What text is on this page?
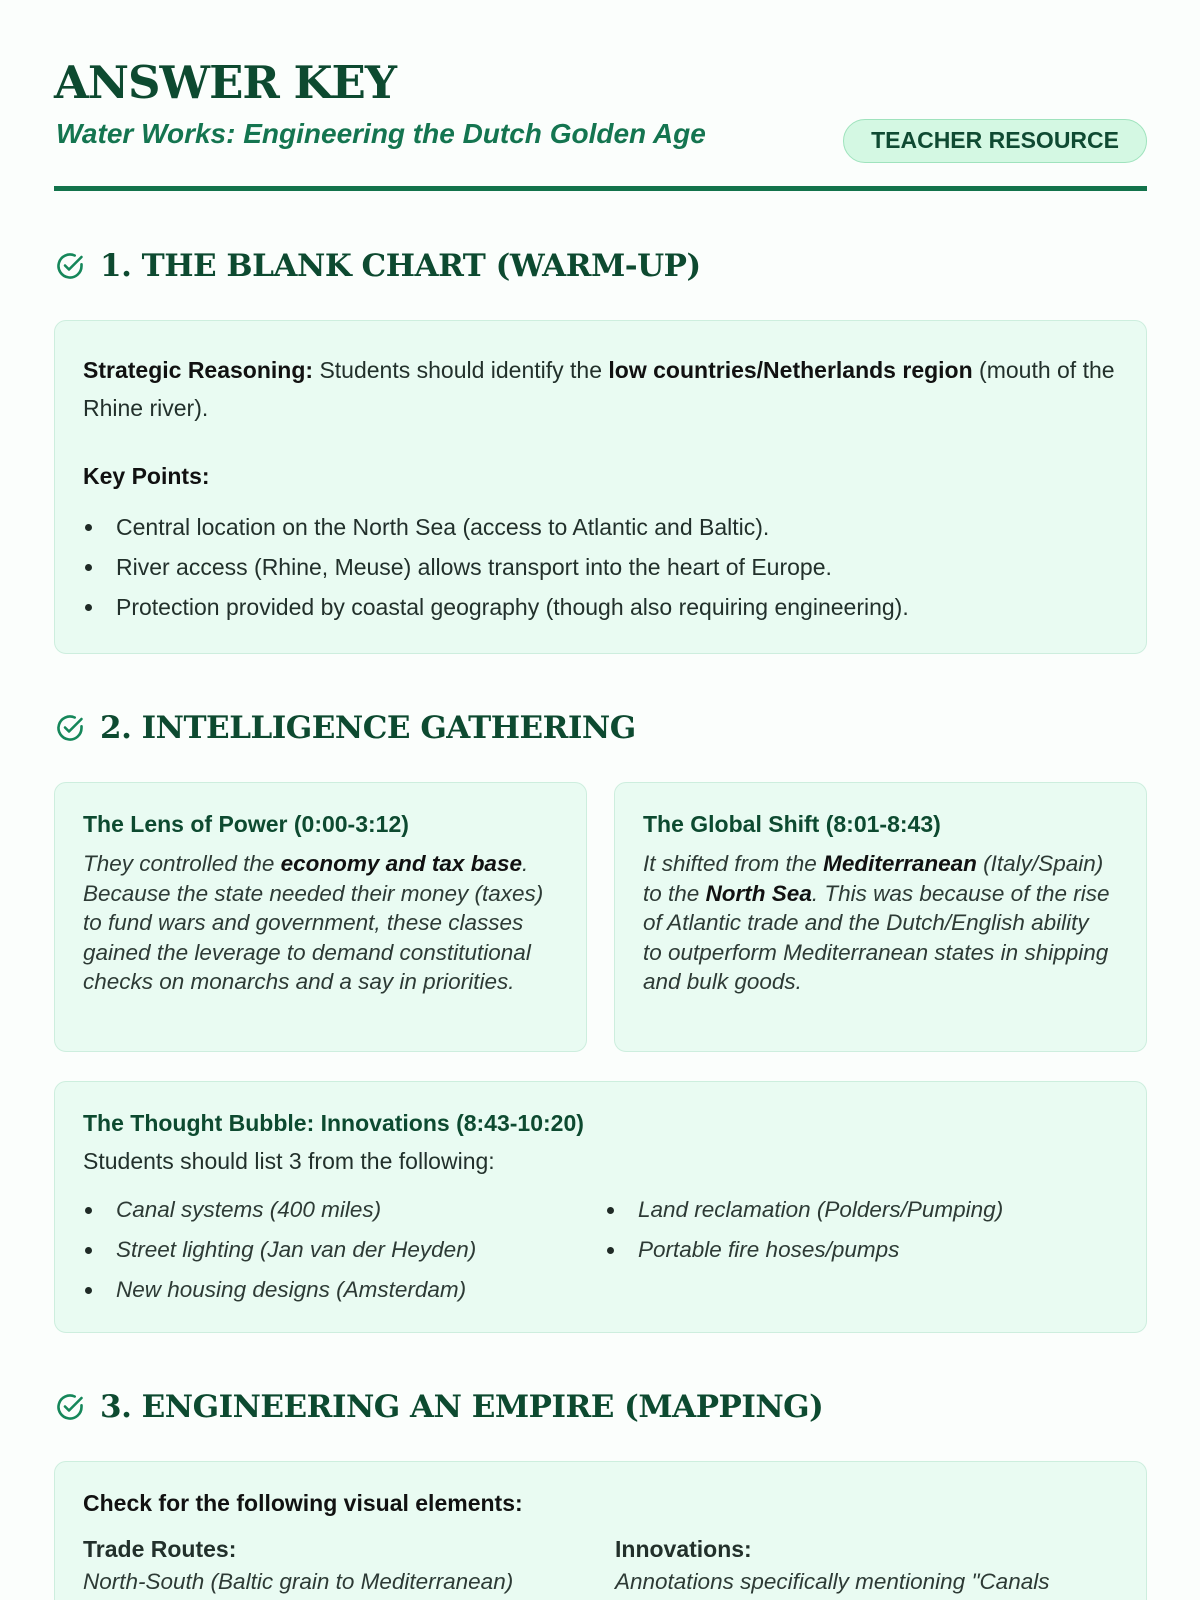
ANSWER KEY
Water Works: Engineering the Dutch Golden Age	TEACHER RESOURCE
1. THE BLANK CHART (WARM-UP)

Strategic Reasoning: Students should identify the low countries/Netherlands region (mouth of the Rhine river).

Key Points:
Central location on the North Sea (access to Atlantic and Baltic).
River access (Rhine, Meuse) allows transport into the heart of Europe.
Protection provided by coastal geography (though also requiring engineering).
2. INTELLIGENCE GATHERING
The Lens of Power (0:00-3:12)

They controlled the economy and tax base. Because the state needed their money (taxes) to fund wars and government, these classes gained the leverage to demand constitutional checks on monarchs and a say in priorities.

The Global Shift (8:01-8:43)

It shifted from the Mediterranean (Italy/Spain) to the North Sea. This was because of the rise of Atlantic trade and the Dutch/English ability to outperform Mediterranean states in shipping and bulk goods.

The Thought Bubble: Innovations (8:43-10:20)
Students should list 3 from the following:
Canal systems (400 miles)
Street lighting (Jan van der Heyden)
New housing designs (Amsterdam)
Land reclamation (Polders/Pumping)
Portable fire hoses/pumps
3. ENGINEERING AN EMPIRE (MAPPING)
Check for the following visual elements:
Trade Routes:
North-South (Baltic grain to Mediterranean)
Innovations:
Annotations specifically mentioning "Canals
